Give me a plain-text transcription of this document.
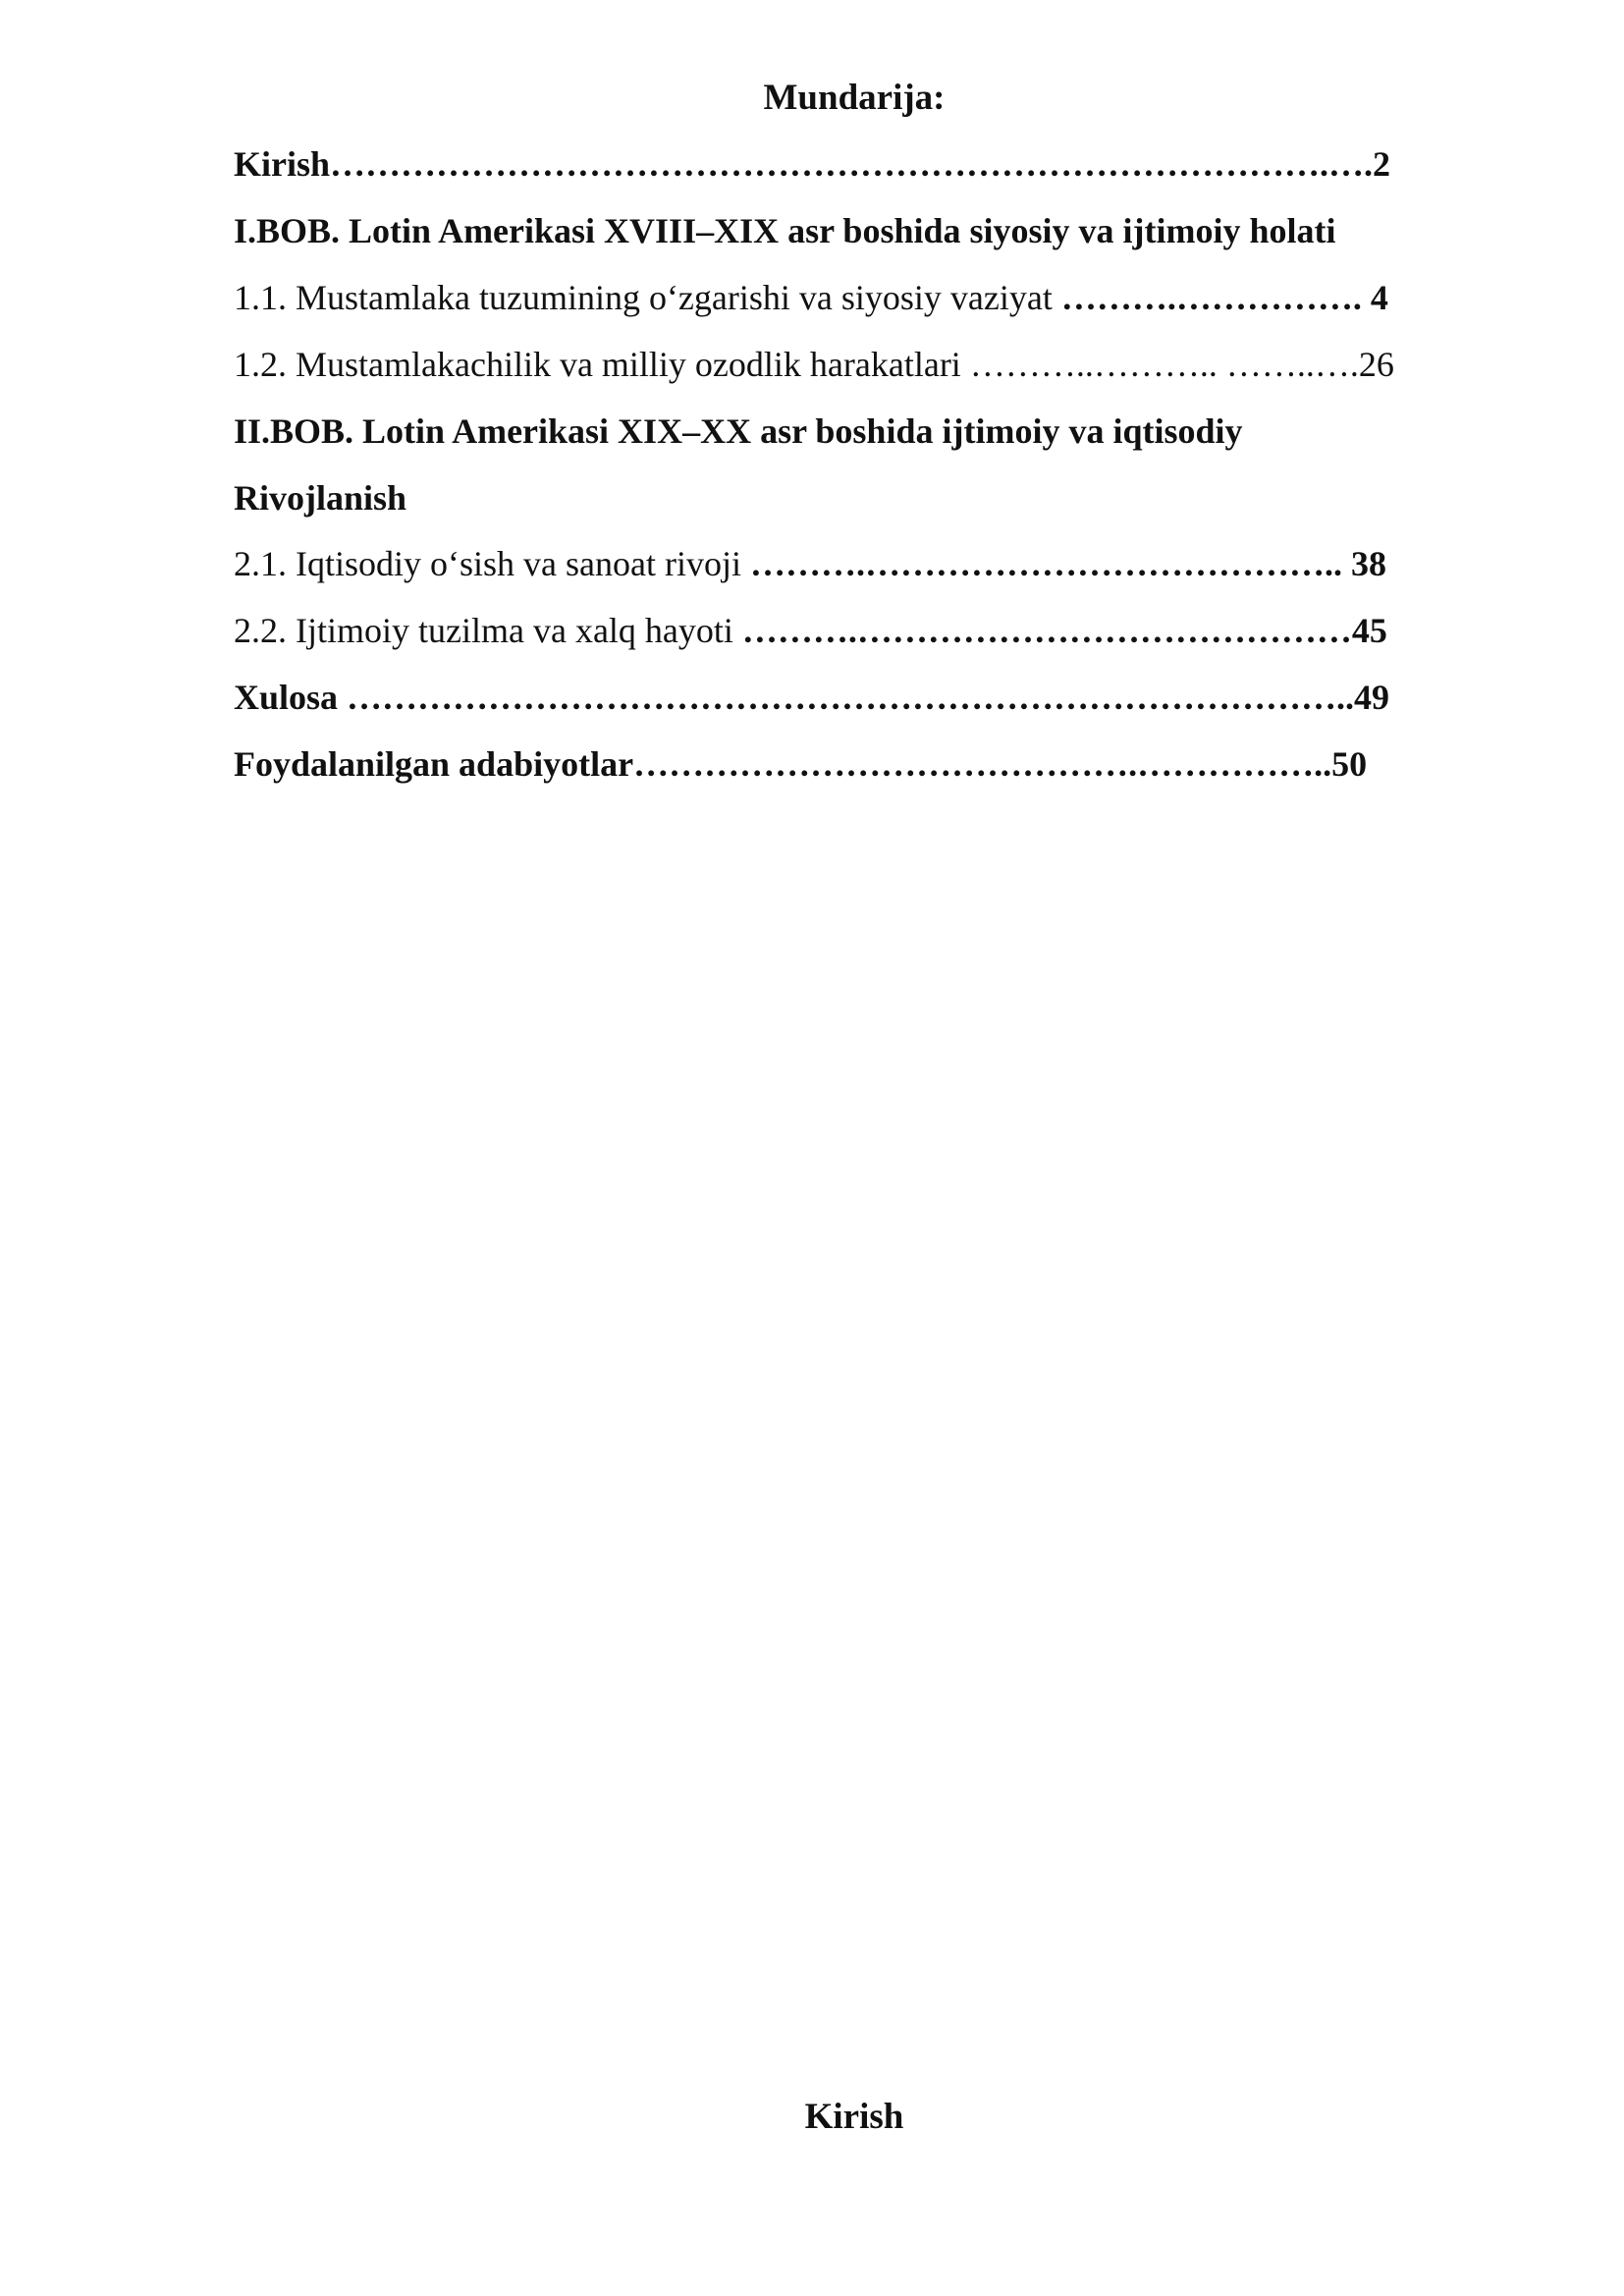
Mundarija:
Kirish………………………………………………………………………….….2
I.BOB. Lotin Amerikasi XVIII–XIX asr boshida siyosiy va ijtimoiy holati
1.1. Mustamlaka tuzumining o‘zgarishi va siyosiy vaziyat ……….……………. 4
1.2. Mustamlakachilik va milliy ozodlik harakatlari ………..……….. ……..….26
II.BOB. Lotin Amerikasi XIX–XX asr boshida ijtimoiy va iqtisodiy
Rivojlanish
2.1. Iqtisodiy o‘sish va sanoat rivoji ……….………………………………….. 38
2.2. Ijtimoiy tuzilma va xalq hayoti ……….……………………………………45
Xulosa …………………………………………………………………………..49
Foydalanilgan adabiyotlar…………………………………….……………..50
Kirish
